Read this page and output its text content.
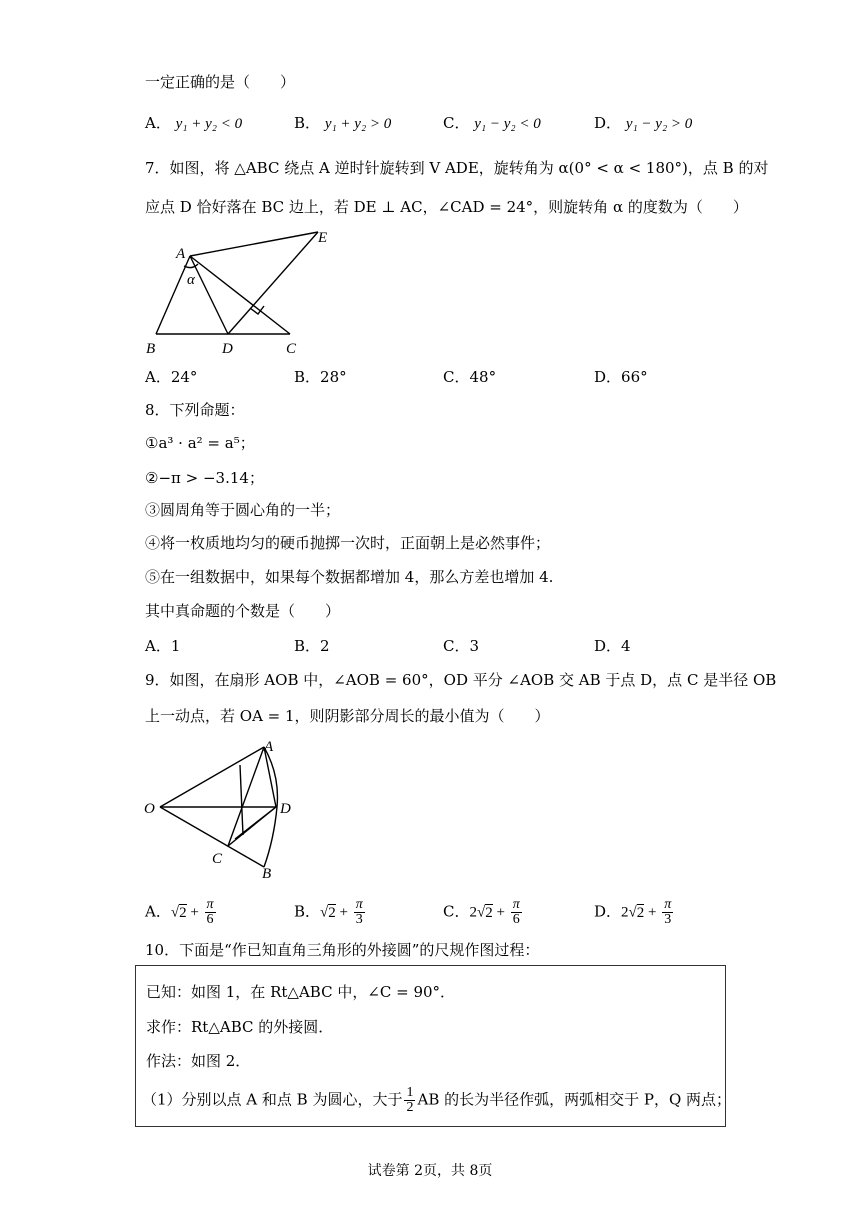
一定正确的是（　　）
A． y₁ + y₂ < 0	B． y₁ + y₂ > 0	C． y₁ − y₂ < 0	D． y₁ − y₂ > 0
7．如图，将 △ABC 绕点 A 逆时针旋转到 V ADE，旋转角为 α(0° < α < 180°)，点 B 的对
应点 D 恰好落在 BC 边上，若 DE ⊥ AC，∠CAD = 24°，则旋转角 α 的度数为（　　）
A
E
α
B	D	C
A．24°	B．28°	C．48°	D．66°
8．下列命题：
①a³ · a² = a⁵；
②−π > −3.14；
③圆周角等于圆心角的一半；
④将一枚质地均匀的硬币抛掷一次时，正面朝上是必然事件；
⑤在一组数据中，如果每个数据都增加 4，那么方差也增加 4.
其中真命题的个数是（　　）
A．1	B．2	C．3	D．4
9．如图，在扇形 AOB 中，∠AOB = 60°，OD 平分 ∠AOB 交 AB 于点 D，点 C 是半径 OB
上一动点，若 OA = 1，则阴影部分周长的最小值为（　　）
A
O	D
C
B
A．$√2 + \frac{\pi}{6}$	B．$√2 + \frac{\pi}{3}$	C．$2√2 + \frac{\pi}{6}$	D．$2√2 + \frac{\pi}{3}$
10．下面是“作已知直角三角形的外接圆”的尺规作图过程：
已知：如图 1，在 Rt△ABC 中，∠C = 90°．
求作：Rt△ABC 的外接圆．
作法：如图 2．
（1）分别以点 A 和点 B 为圆心，大于 $\frac{1}{2}$ AB 的长为半径作弧，两弧相交于 P，Q 两点；
试卷第 2页，共 8页
